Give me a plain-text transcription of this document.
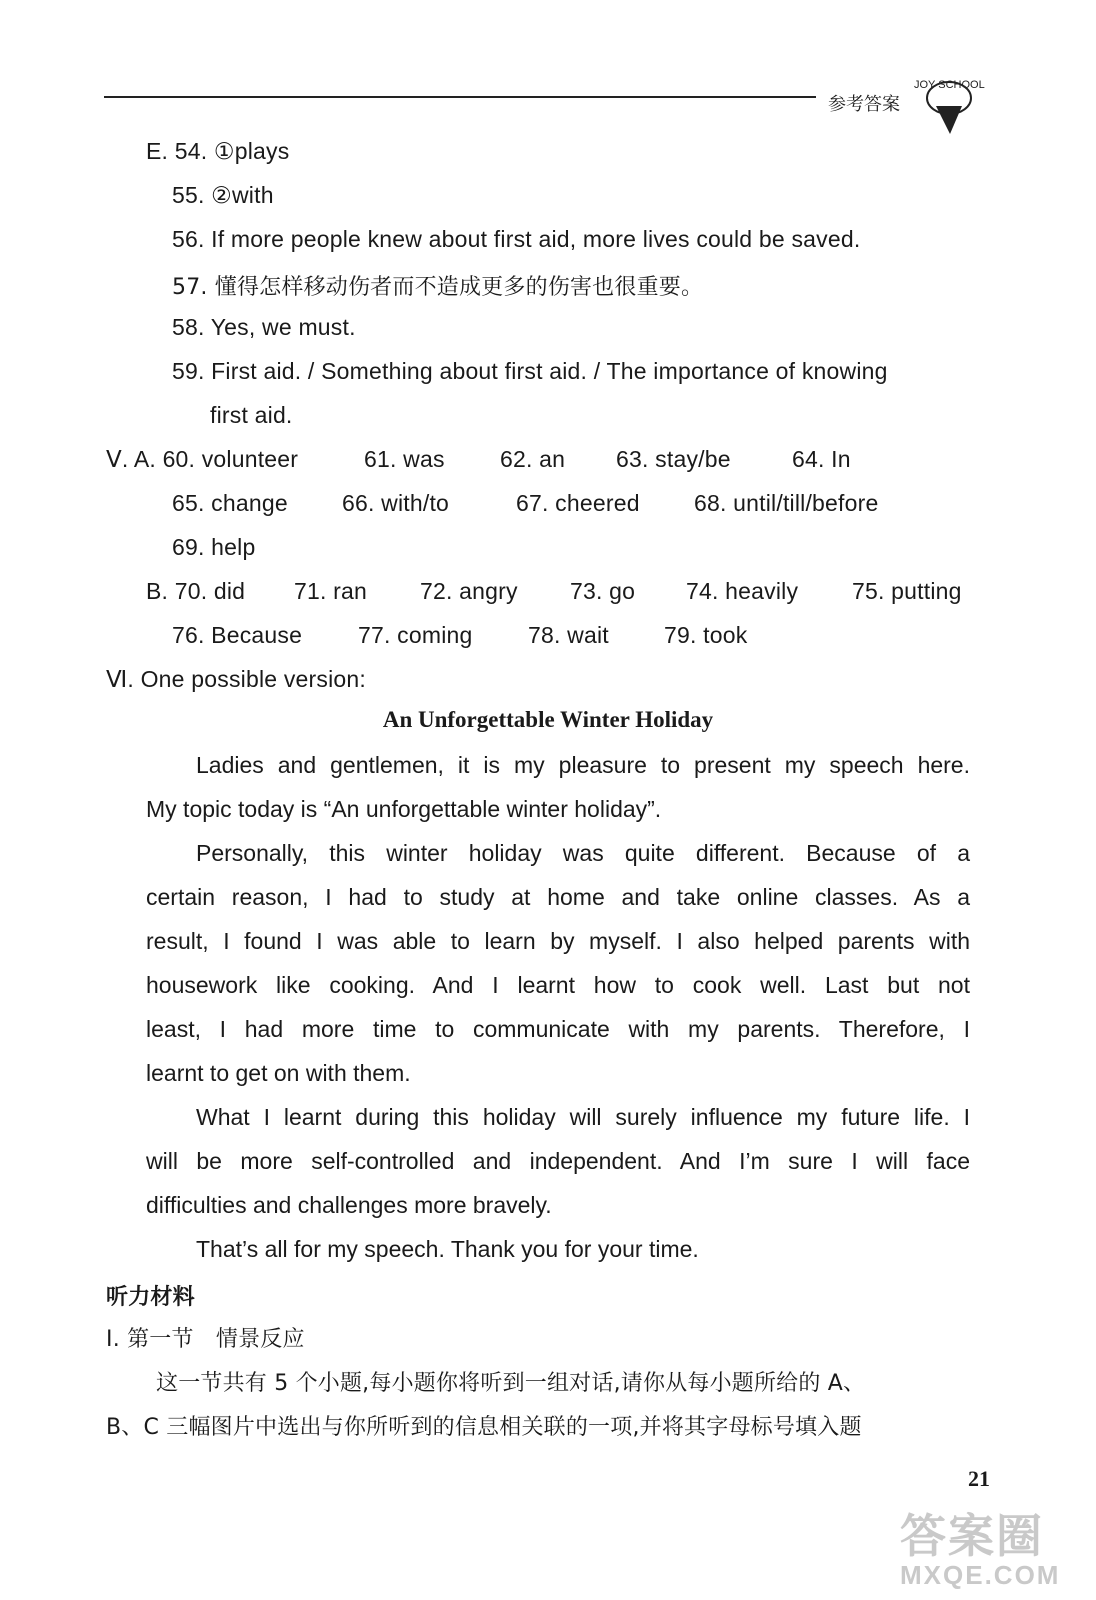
参考答案
JOY SCHOOL
E. 54. ①plays
55. ②with
56. If more people knew about first aid, more lives could be saved.
57. 懂得怎样移动伤者而不造成更多的伤害也很重要。
58. Yes, we must.
59. First aid. / Something about first aid. / The importance of knowing
first aid.
Ⅴ. A. 60. volunteer	61. was 62. an 63. stay/be	64. In
65. change 66. with/to	67. cheered 68. until/till/before
69. help
B. 70. did 71. ran 72. angry 73. go 74. heavily 75. putting
76. Because 77. coming 78. wait 79. took
Ⅵ. One possible version:
An Unforgettable Winter Holiday
Ladies and gentlemen, it is my pleasure to present my speech here.
My topic today is “An unforgettable winter holiday”.
Personally, this winter holiday was quite different. Because of a
certain reason, I had to study at home and take online classes. As a
result, I found I was able to learn by myself. I also helped parents with
housework like cooking. And I learnt how to cook well. Last but not
least, I had more time to communicate with my parents. Therefore, I
learnt to get on with them.
What I learnt during this holiday will surely influence my future life. I
will be more self-controlled and independent. And I’m sure I will face
difficulties and challenges more bravely.
That’s all for my speech. Thank you for your time.
听力材料
Ⅰ. 第一节　情景反应
这一节共有 5 个小题,每小题你将听到一组对话,请你从每小题所给的 A、
B、C 三幅图片中选出与你所听到的信息相关联的一项,并将其字母标号填入题
21
答案圈
MXQE.COM
